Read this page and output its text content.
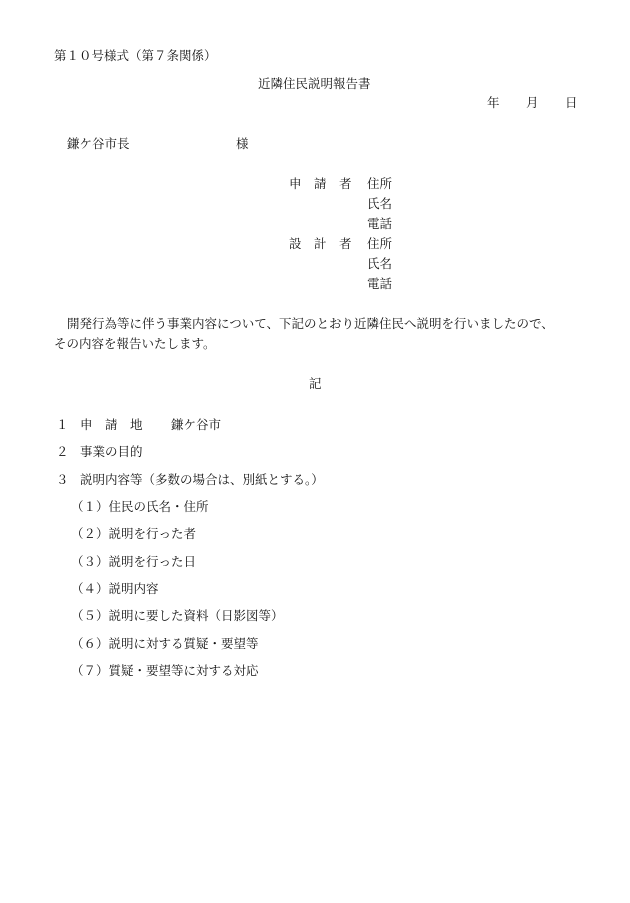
第１０号様式（第７条関係）
近隣住民説明報告書
年 月 日
鎌ケ谷市長	様
申　請　者 住所
氏名
電話
設　計　者 住所
氏名
電話
開発行為等に伴う事業内容について、下記のとおり近隣住民へ説明を行いましたので、
その内容を報告いたします。
記
１ 申　請　地 鎌ケ谷市
２ 事業の目的
３ 説明内容等（多数の場合は、別紙とする。）
（１）住民の氏名・住所
（２）説明を行った者
（３）説明を行った日
（４）説明内容
（５）説明に要した資料（日影図等）
（６）説明に対する質疑・要望等
（７）質疑・要望等に対する対応
